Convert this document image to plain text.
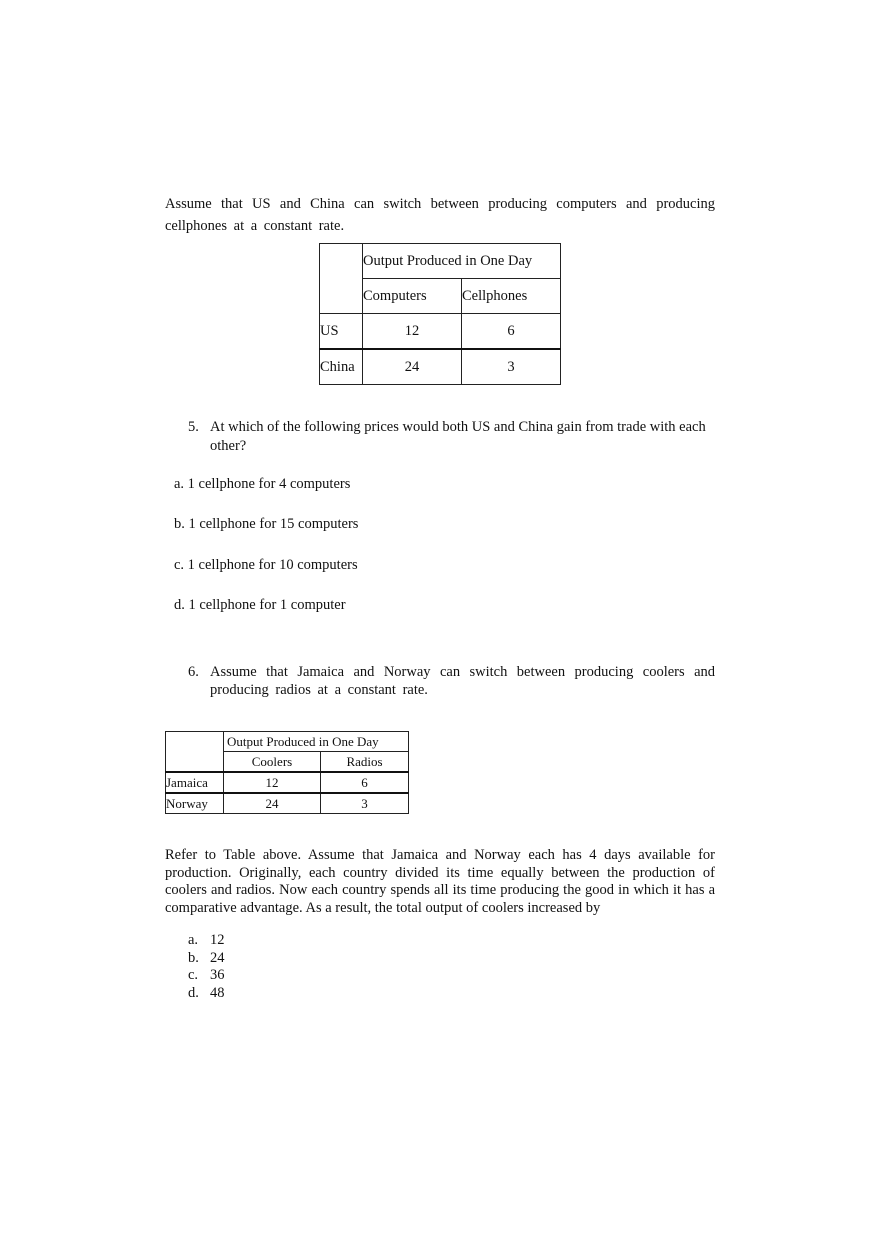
Assume that US and China can switch between producing computers and producing cellphones at a constant rate.

	Output Produced in One Day	
	Computers	Cellphones
US	12	6
China	24	3
5. At which of the following prices would both US and China gain from trade with each other?

a. 1 cellphone for 4 computers

b. 1 cellphone for 15 computers

c. 1 cellphone for 10 computers

d. 1 cellphone for 1 computer

6. Assume that Jamaica and Norway can switch between producing coolers and producing radios at a constant rate.
	Output Produced in One Day	
	Coolers	Radios
Jamaica	12	6
Norway	24	3

Refer to Table above. Assume that Jamaica and Norway each has 4 days available for production. Originally, each country divided its time equally between the production of coolers and radios. Now each country spends all its time producing the good in which it has a comparative advantage. As a result, the total output of coolers increased by

a. 12
b. 24
c. 36
d. 48
